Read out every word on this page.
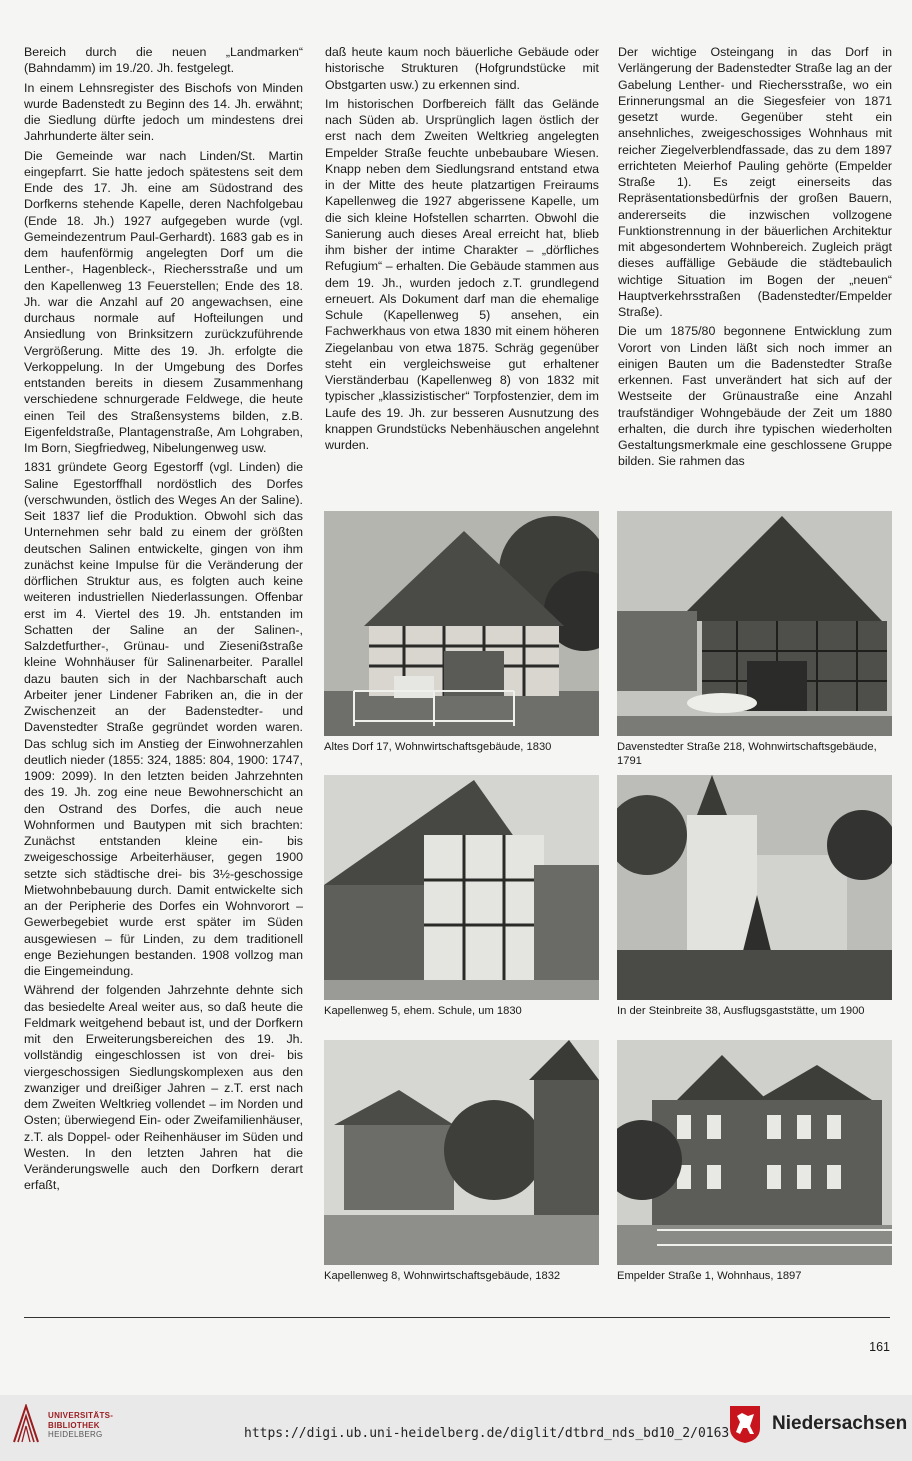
Bereich durch die neuen „Landmarken“ (Bahndamm) im 19./20. Jh. festgelegt.

In einem Lehnsregister des Bischofs von Minden wurde Badenstedt zu Beginn des 14. Jh. erwähnt; die Siedlung dürfte jedoch um mindestens drei Jahrhunderte älter sein.

Die Gemeinde war nach Linden/St. Martin eingepfarrt. Sie hatte jedoch spätestens seit dem Ende des 17. Jh. eine am Südostrand des Dorfkerns stehende Kapelle, deren Nachfolgebau (Ende 18. Jh.) 1927 aufgegeben wurde (vgl. Gemeindezentrum Paul-Gerhardt). 1683 gab es in dem haufenförmig angelegten Dorf um die Lenther-, Hagenbleck-, Riechersstraße und um den Kapellenweg 13 Feuerstellen; Ende des 18. Jh. war die Anzahl auf 20 angewachsen, eine durchaus normale auf Hofteilungen und Ansiedlung von Brinksitzern zurückzuführende Vergrößerung. Mitte des 19. Jh. erfolgte die Verkoppelung. In der Umgebung des Dorfes entstanden bereits in diesem Zusammenhang verschiedene schnurgerade Feldwege, die heute einen Teil des Straßensystems bilden, z.B. Eigenfeldstraße, Plantagenstraße, Am Lohgraben, Im Born, Siegfriedweg, Nibelungenweg usw.

1831 gründete Georg Egestorff (vgl. Linden) die Saline Egestorffhall nordöstlich des Dorfes (verschwunden, östlich des Weges An der Saline). Seit 1837 lief die Produktion. Obwohl sich das Unternehmen sehr bald zu einem der größten deutschen Salinen entwickelte, gingen von ihm zunächst keine Impulse für die Veränderung der dörflichen Struktur aus, es folgten auch keine weiteren industriellen Niederlassungen. Offenbar erst im 4. Viertel des 19. Jh. entstanden im Schatten der Saline an der Salinen-, Salzdetfurther-, Grünau- und Zieseniẞstraße kleine Wohnhäuser für Salinenarbeiter. Parallel dazu bauten sich in der Nachbarschaft auch Arbeiter jener Lindener Fabriken an, die in der Zwischenzeit an der Badenstedter- und Davenstedter Straße gegründet worden waren. Das schlug sich im Anstieg der Einwohnerzahlen deutlich nieder (1855: 324, 1885: 804, 1900: 1747, 1909: 2099). In den letzten beiden Jahrzehnten des 19. Jh. zog eine neue Bewohnerschicht an den Ostrand des Dorfes, die auch neue Wohnformen und Bautypen mit sich brachten: Zunächst entstanden kleine ein- bis zweigeschossige Arbeiterhäuser, gegen 1900 setzte sich städtische drei- bis 3½-geschossige Mietwohnbebauung durch. Damit entwickelte sich an der Peripherie des Dorfes ein Wohnvorort – Gewerbegebiet wurde erst später im Süden ausgewiesen – für Linden, zu dem traditionell enge Beziehungen bestanden. 1908 vollzog man die Eingemeindung.

Während der folgenden Jahrzehnte dehnte sich das besiedelte Areal weiter aus, so daß heute die Feldmark weitgehend bebaut ist, und der Dorfkern mit den Erweiterungsbereichen des 19. Jh. vollständig eingeschlossen ist von drei- bis viergeschossigen Siedlungskomplexen aus den zwanziger und dreißiger Jahren – z.T. erst nach dem Zweiten Weltkrieg vollendet – im Norden und Osten; überwiegend Ein- oder Zweifamilienhäuser, z.T. als Doppel- oder Reihenhäuser im Süden und Westen. In den letzten Jahren hat die Veränderungswelle auch den Dorfkern derart erfaßt,

daß heute kaum noch bäuerliche Gebäude oder historische Strukturen (Hofgrundstücke mit Obstgarten usw.) zu erkennen sind.

Im historischen Dorfbereich fällt das Gelände nach Süden ab. Ursprünglich lagen östlich der erst nach dem Zweiten Weltkrieg angelegten Empelder Straße feuchte unbebaubare Wiesen. Knapp neben dem Siedlungsrand entstand etwa in der Mitte des heute platzartigen Freiraums Kapellenweg die 1927 abgerissene Kapelle, um die sich kleine Hofstellen scharrten. Obwohl die Sanierung auch dieses Areal erreicht hat, blieb ihm bisher der intime Charakter – „dörfliches Refugium“ – erhalten. Die Gebäude stammen aus dem 19. Jh., wurden jedoch z.T. grundlegend erneuert. Als Dokument darf man die ehemalige Schule (Kapellenweg 5) ansehen, ein Fachwerkhaus von etwa 1830 mit einem höheren Ziegelanbau von etwa 1875. Schräg gegenüber steht ein vergleichsweise gut erhaltener Vierständerbau (Kapellenweg 8) von 1832 mit typischer „klassizistischer“ Torpfostenzier, dem im Laufe des 19. Jh. zur besseren Ausnutzung des knappen Grundstücks Nebenhäuschen angelehnt wurden.

Der wichtige Osteingang in das Dorf in Verlängerung der Badenstedter Straße lag an der Gabelung Lenther- und Riechersstraße, wo ein Erinnerungsmal an die Siegesfeier von 1871 gesetzt wurde. Gegenüber steht ein ansehnliches, zweigeschossiges Wohnhaus mit reicher Ziegelverblendfassade, das zu dem 1897 errichteten Meierhof Pauling gehörte (Empelder Straße 1). Es zeigt einerseits das Repräsentationsbedürfnis der großen Bauern, andererseits die inzwischen vollzogene Funktionstrennung in der bäuerlichen Architektur mit abgesondertem Wohnbereich. Zugleich prägt dieses auffällige Gebäude die städtebaulich wichtige Situation im Bogen der „neuen“ Hauptverkehrsstraßen (Badenstedter/Empelder Straße).

Die um 1875/80 begonnene Entwicklung zum Vorort von Linden läßt sich noch immer an einigen Bauten um die Badenstedter Straße erkennen. Fast unverändert hat sich auf der Westseite der Grünaustraße eine Anzahl traufständiger Wohngebäude der Zeit um 1880 erhalten, die durch ihre typischen wiederholten Gestaltungsmerkmale eine geschlossene Gruppe bilden. Sie rahmen das

Altes Dorf 17, Wohnwirtschaftsgebäude, 1830	Davenstedter Straße 218, Wohnwirtschaftsgebäude, 1791
Kapellenweg 5, ehem. Schule, um 1830	In der Steinbreite 38, Ausflugsgaststätte, um 1900
Kapellenweg 8, Wohnwirtschaftsgebäude, 1832	Empelder Straße 1, Wohnhaus, 1897
161
UNIVERSITÄTS-
BIBLIOTHEK
HEIDELBERG	https://digi.ub.uni-heidelberg.de/diglit/dtbrd_nds_bd10_2/0163 Niedersachsen
